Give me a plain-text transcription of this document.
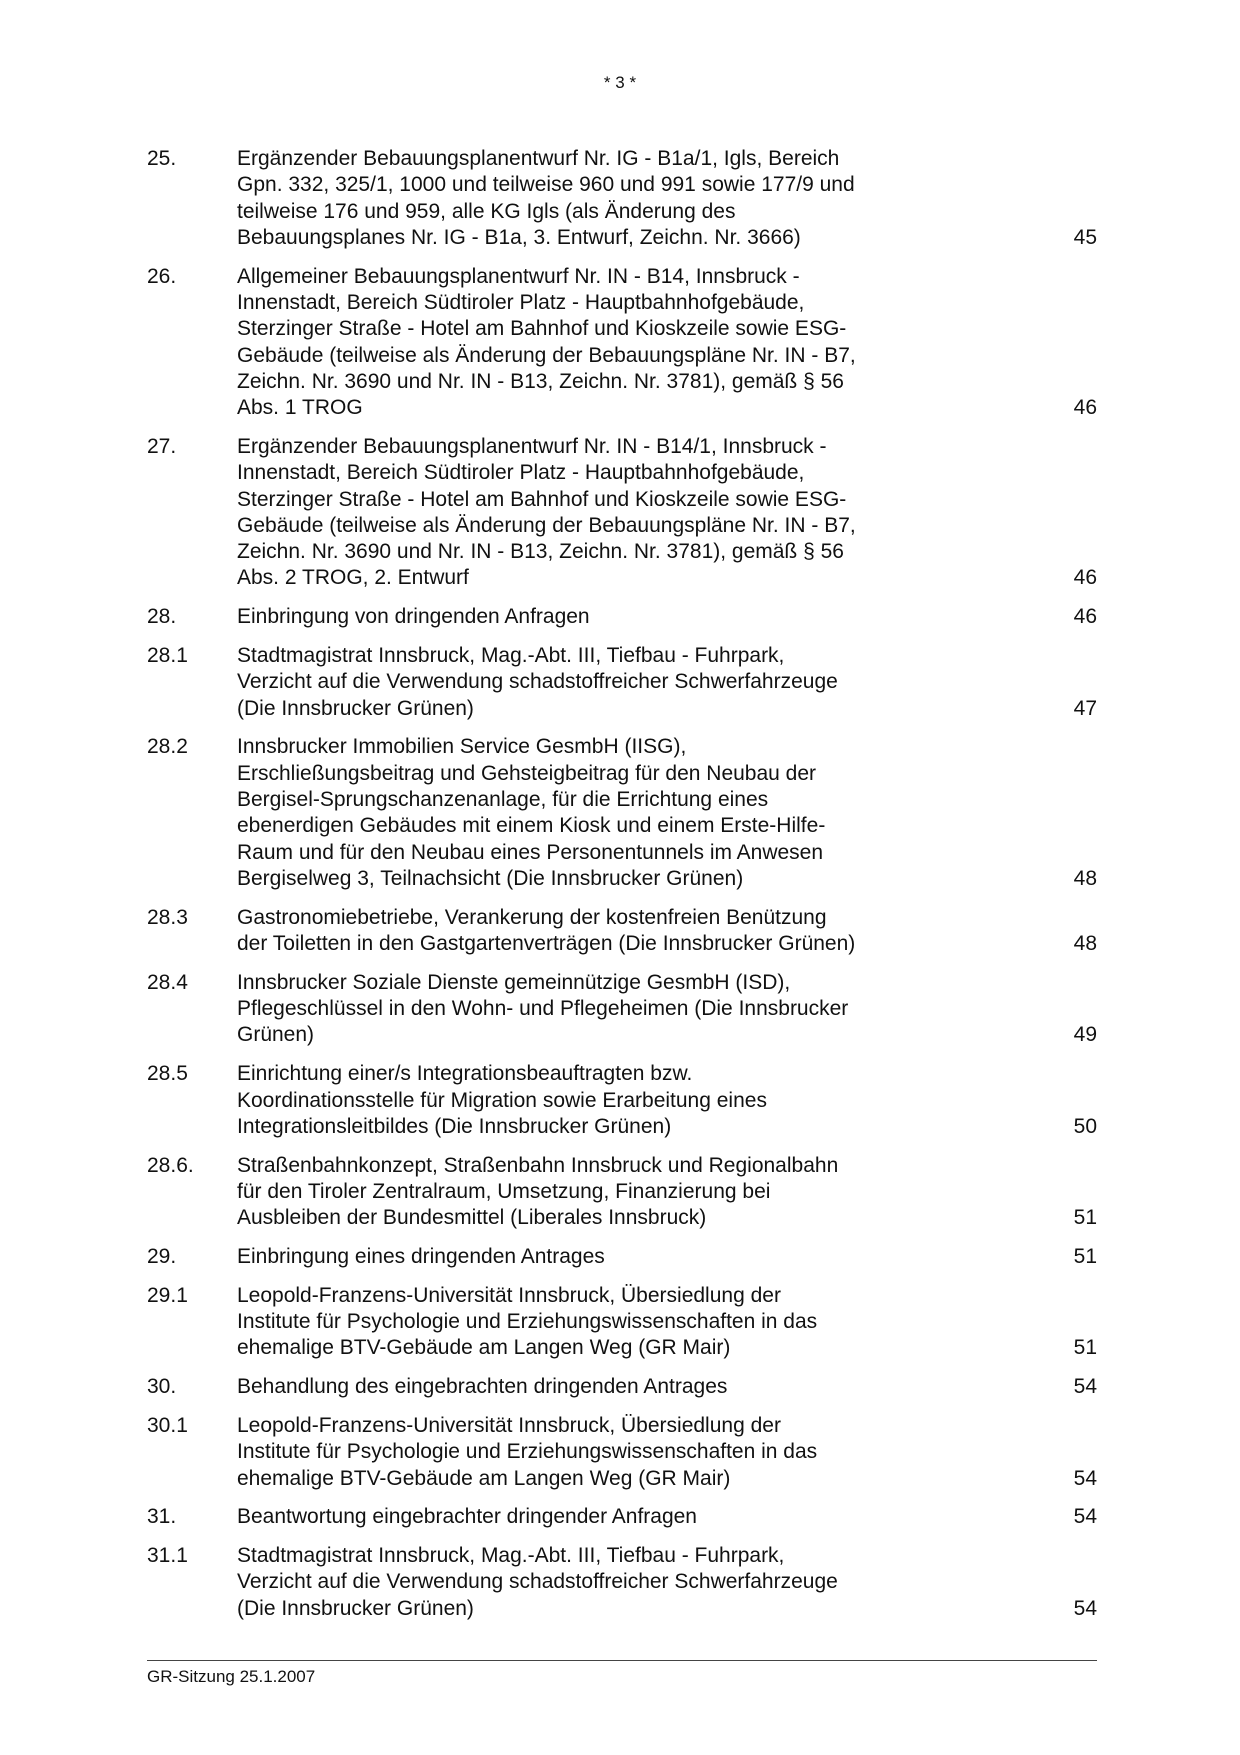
* 3 *
25.	Ergänzender Bebauungsplanentwurf Nr. IG - B1a/1, Igls, Bereich
Gpn. 332, 325/1, 1000 und teilweise 960 und 991 sowie 177/9 und
teilweise 176 und 959, alle KG Igls (als Änderung des
Bebauungsplanes Nr. IG - B1a, 3. Entwurf, Zeichn. Nr. 3666)	45
26.	Allgemeiner Bebauungsplanentwurf Nr. IN - B14, Innsbruck -
Innenstadt, Bereich Südtiroler Platz - Hauptbahnhofgebäude,
Sterzinger Straße - Hotel am Bahnhof und Kioskzeile sowie ESG-
Gebäude (teilweise als Änderung der Bebauungspläne Nr. IN - B7,
Zeichn. Nr. 3690 und Nr. IN - B13, Zeichn. Nr. 3781), gemäß § 56
Abs. 1 TROG	46
27.	Ergänzender Bebauungsplanentwurf Nr. IN - B14/1, Innsbruck -
Innenstadt, Bereich Südtiroler Platz - Hauptbahnhofgebäude,
Sterzinger Straße - Hotel am Bahnhof und Kioskzeile sowie ESG-
Gebäude (teilweise als Änderung der Bebauungspläne Nr. IN - B7,
Zeichn. Nr. 3690 und Nr. IN - B13, Zeichn. Nr. 3781), gemäß § 56
Abs. 2 TROG, 2. Entwurf	46
28.	Einbringung von dringenden Anfragen	46
28.1	Stadtmagistrat Innsbruck, Mag.-Abt. III, Tiefbau - Fuhrpark,
Verzicht auf die Verwendung schadstoffreicher Schwerfahrzeuge
(Die Innsbrucker Grünen)	47
28.2	Innsbrucker Immobilien Service GesmbH (IISG),
Erschließungsbeitrag und Gehsteigbeitrag für den Neubau der
Bergisel-Sprungschanzenanlage, für die Errichtung eines
ebenerdigen Gebäudes mit einem Kiosk und einem Erste-Hilfe-
Raum und für den Neubau eines Personentunnels im Anwesen
Bergiselweg 3, Teilnachsicht (Die Innsbrucker Grünen)	48
28.3	Gastronomiebetriebe, Verankerung der kostenfreien Benützung
der Toiletten in den Gastgartenverträgen (Die Innsbrucker Grünen)	48
28.4	Innsbrucker Soziale Dienste gemeinnützige GesmbH (ISD),
Pflegeschlüssel in den Wohn- und Pflegeheimen (Die Innsbrucker
Grünen)	49
28.5	Einrichtung einer/s Integrationsbeauftragten bzw.
Koordinationsstelle für Migration sowie Erarbeitung eines
Integrationsleitbildes (Die Innsbrucker Grünen)	50
28.6.	Straßenbahnkonzept, Straßenbahn Innsbruck und Regionalbahn
für den Tiroler Zentralraum, Umsetzung, Finanzierung bei
Ausbleiben der Bundesmittel (Liberales Innsbruck)	51
29.	Einbringung eines dringenden Antrages	51
29.1	Leopold-Franzens-Universität Innsbruck, Übersiedlung der
Institute für Psychologie und Erziehungswissenschaften in das
ehemalige BTV-Gebäude am Langen Weg (GR Mair)	51
30.	Behandlung des eingebrachten dringenden Antrages	54
30.1	Leopold-Franzens-Universität Innsbruck, Übersiedlung der
Institute für Psychologie und Erziehungswissenschaften in das
ehemalige BTV-Gebäude am Langen Weg (GR Mair)	54
31.	Beantwortung eingebrachter dringender Anfragen	54
31.1	Stadtmagistrat Innsbruck, Mag.-Abt. III, Tiefbau - Fuhrpark,
Verzicht auf die Verwendung schadstoffreicher Schwerfahrzeuge
(Die Innsbrucker Grünen)	54
GR-Sitzung 25.1.2007
